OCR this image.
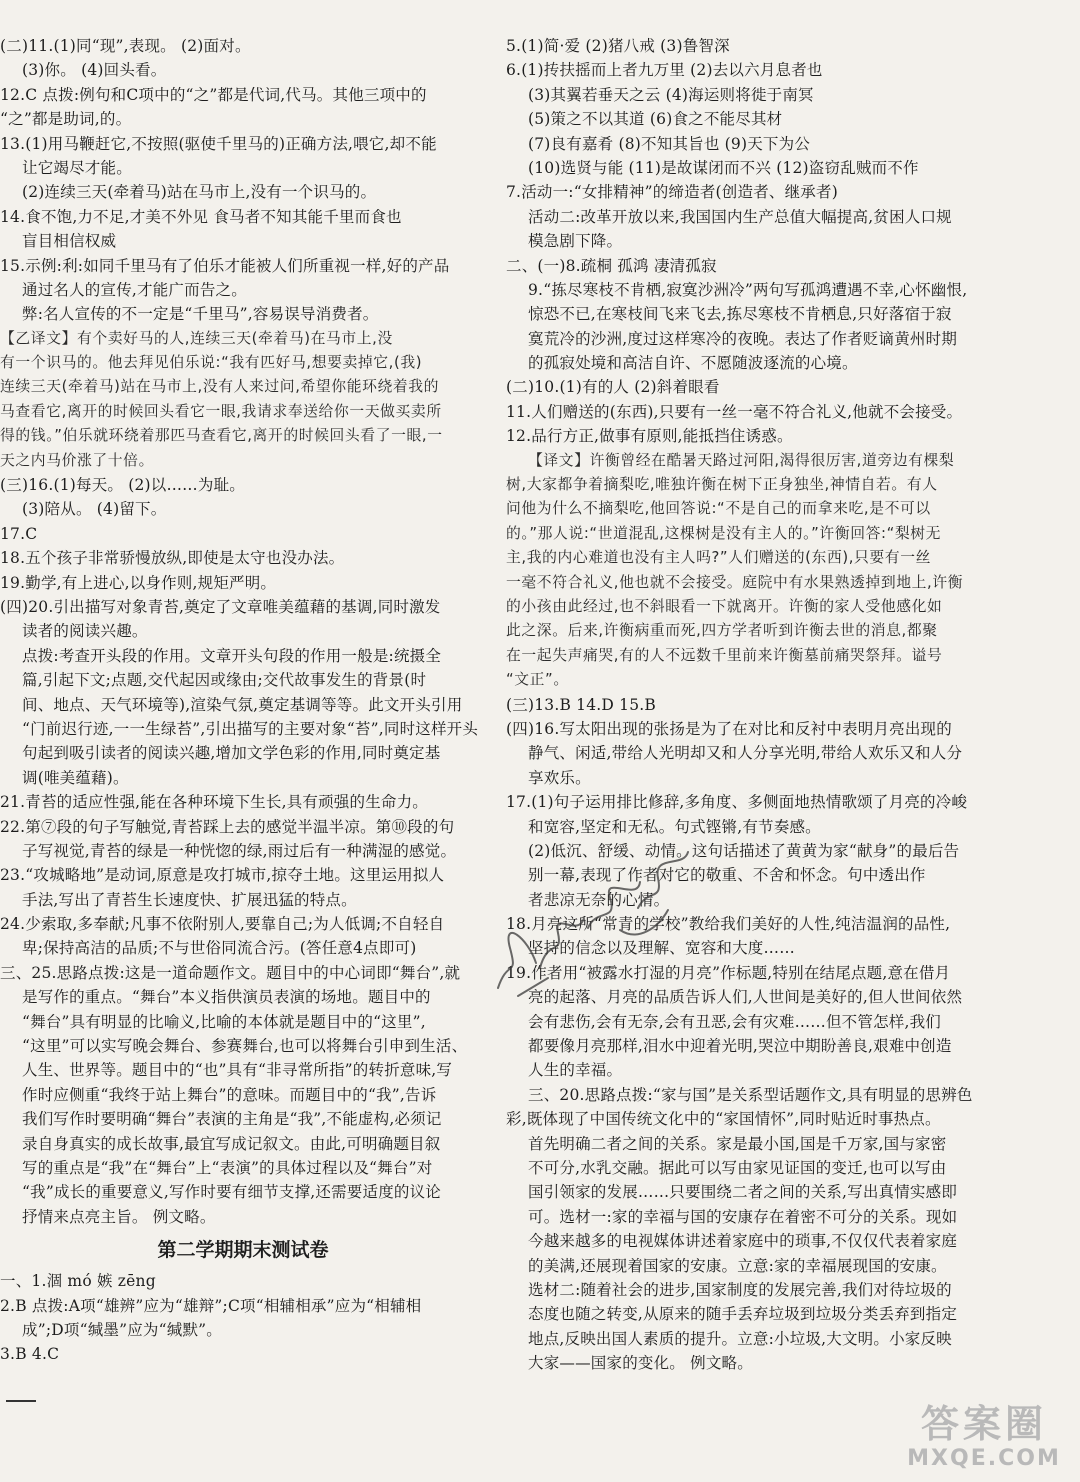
(二)11.(1)同“现”,表现。 (2)面对。
(3)你。 (4)回头看。
12.C 点拨:例句和C项中的“之”都是代词,代马。其他三项中的
“之”都是助词,的。
13.(1)用马鞭赶它,不按照(驱使千里马的)正确方法,喂它,却不能
让它竭尽才能。
(2)连续三天(牵着马)站在马市上,没有一个识马的。
14.食不饱,力不足,才美不外见 食马者不知其能千里而食也
盲目相信权威
15.示例:利:如同千里马有了伯乐才能被人们所重视一样,好的产品
通过名人的宣传,才能广而告之。
弊:名人宣传的不一定是“千里马”,容易误导消费者。
【乙译文】有个卖好马的人,连续三天(牵着马)在马市上,没
有一个识马的。他去拜见伯乐说:“我有匹好马,想要卖掉它,(我)
连续三天(牵着马)站在马市上,没有人来过问,希望你能环绕着我的
马查看它,离开的时候回头看它一眼,我请求奉送给你一天做买卖所
得的钱。”伯乐就环绕着那匹马查看它,离开的时候回头看了一眼,一
天之内马价涨了十倍。
(三)16.(1)每天。 (2)以……为耻。
(3)陪从。 (4)留下。
17.C
18.五个孩子非常骄慢放纵,即使是太守也没办法。
19.勤学,有上进心,以身作则,规矩严明。
(四)20.引出描写对象青苔,奠定了文章唯美蕴藉的基调,同时激发
读者的阅读兴趣。
点拨:考查开头段的作用。文章开头句段的作用一般是:统摄全
篇,引起下文;点题,交代起因或缘由;交代故事发生的背景(时
间、地点、天气环境等),渲染气氛,奠定基调等等。此文开头引用
“门前迟行迹,一一生绿苔”,引出描写的主要对象“苔”,同时这样开头
句起到吸引读者的阅读兴趣,增加文学色彩的作用,同时奠定基
调(唯美蕴藉)。
21.青苔的适应性强,能在各种环境下生长,具有顽强的生命力。
22.第⑦段的句子写触觉,青苔踩上去的感觉半温半凉。第⑩段的句
子写视觉,青苔的绿是一种恍惚的绿,雨过后有一种满湿的感觉。
23.“攻城略地”是动词,原意是攻打城市,掠夺土地。这里运用拟人
手法,写出了青苔生长速度快、扩展迅猛的特点。
24.少索取,多奉献;凡事不依附别人,要靠自己;为人低调;不自轻自
卑;保持高洁的品质;不与世俗同流合污。(答任意4点即可)
三、25.思路点拨:这是一道命题作文。题目中的中心词即“舞台”,就
是写作的重点。“舞台”本义指供演员表演的场地。题目中的
“舞台”具有明显的比喻义,比喻的本体就是题目中的“这里”,
“这里”可以实写晚会舞台、参赛舞台,也可以将舞台引申到生活、
人生、世界等。题目中的“也”具有“非寻常所指”的转折意味,写
作时应侧重“我终于站上舞台”的意味。而题目中的“我”,告诉
我们写作时要明确“舞台”表演的主角是“我”,不能虚构,必须记
录自身真实的成长故事,最宜写成记叙文。由此,可明确题目叙
写的重点是“我”在“舞台”上“表演”的具体过程以及“舞台”对
“我”成长的重要意义,写作时要有细节支撑,还需要适度的议论
抒情来点亮主旨。 例文略。
第二学期期末测试卷
一、1.涸 mó 嫉 zēng
2.B 点拨:A项“雄辨”应为“雄辩”;C项“相辅相承”应为“相辅相
成”;D项“缄墨”应为“缄默”。
3.B 4.C
5.(1)简·爱 (2)猪八戒 (3)鲁智深
6.(1)抟扶摇而上者九万里 (2)去以六月息者也
(3)其翼若垂天之云 (4)海运则将徙于南冥
(5)策之不以其道 (6)食之不能尽其材
(7)良有嘉肴 (8)不知其旨也 (9)天下为公
(10)选贤与能 (11)是故谋闭而不兴 (12)盗窃乱贼而不作
7.活动一:“女排精神”的缔造者(创造者、继承者)
活动二:改革开放以来,我国国内生产总值大幅提高,贫困人口规
模急剧下降。
二、(一)8.疏桐 孤鸿 凄清孤寂
9.“拣尽寒枝不肯栖,寂寞沙洲冷”两句写孤鸿遭遇不幸,心怀幽恨,
惊恐不已,在寒枝间飞来飞去,拣尽寒枝不肯栖息,只好落宿于寂
寞荒冷的沙洲,度过这样寒冷的夜晚。表达了作者贬谪黄州时期
的孤寂处境和高洁自许、不愿随波逐流的心境。
(二)10.(1)有的人 (2)斜着眼看
11.人们赠送的(东西),只要有一丝一毫不符合礼义,他就不会接受。
12.品行方正,做事有原则,能抵挡住诱惑。
【译文】许衡曾经在酷暑天路过河阳,渴得很厉害,道旁边有棵梨
树,大家都争着摘梨吃,唯独许衡在树下正身独坐,神情自若。有人
问他为什么不摘梨吃,他回答说:“不是自己的而拿来吃,是不可以
的。”那人说:“世道混乱,这棵树是没有主人的。”许衡回答:“梨树无
主,我的内心难道也没有主人吗?”人们赠送的(东西),只要有一丝
一毫不符合礼义,他也就不会接受。庭院中有水果熟透掉到地上,许衡
的小孩由此经过,也不斜眼看一下就离开。许衡的家人受他感化如
此之深。后来,许衡病重而死,四方学者听到许衡去世的消息,都聚
在一起失声痛哭,有的人不远数千里前来许衡墓前痛哭祭拜。谥号
“文正”。
(三)13.B 14.D 15.B
(四)16.写太阳出现的张扬是为了在对比和反衬中表明月亮出现的
静气、闲适,带给人光明却又和人分享光明,带给人欢乐又和人分
享欢乐。
17.(1)句子运用排比修辞,多角度、多侧面地热情歌颂了月亮的冷峻
和宽容,坚定和无私。句式铿锵,有节奏感。
(2)低沉、舒缓、动情。这句话描述了黄黄为家“献身”的最后告
别一幕,表现了作者对它的敬重、不舍和怀念。句中透出作
者悲凉无奈的心情。
18.月亮这所“常青的学校”教给我们美好的人性,纯洁温润的品性,
坚持的信念以及理解、宽容和大度……
19.作者用“被露水打湿的月亮”作标题,特别在结尾点题,意在借月
亮的起落、月亮的品质告诉人们,人世间是美好的,但人世间依然
会有悲伤,会有无奈,会有丑恶,会有灾难……但不管怎样,我们
都要像月亮那样,泪水中迎着光明,哭泣中期盼善良,艰难中创造
人生的幸福。
三、20.思路点拨:“家与国”是关系型话题作文,具有明显的思辨色
彩,既体现了中国传统文化中的“家国情怀”,同时贴近时事热点。
首先明确二者之间的关系。家是最小国,国是千万家,国与家密
不可分,水乳交融。据此可以写由家见证国的变迁,也可以写由
国引领家的发展……只要围绕二者之间的关系,写出真情实感即
可。选材一:家的幸福与国的安康存在着密不可分的关系。现如
今越来越多的电视媒体讲述着家庭中的琐事,不仅仅代表着家庭
的美满,还展现着国家的安康。立意:家的幸福展现国的安康。
选材二:随着社会的进步,国家制度的发展完善,我们对待垃圾的
态度也随之转变,从原来的随手丢弃垃圾到垃圾分类丢弃到指定
地点,反映出国人素质的提升。立意:小垃圾,大文明。小家反映
大家——国家的变化。 例文略。
答案圈
MXQE.COM
